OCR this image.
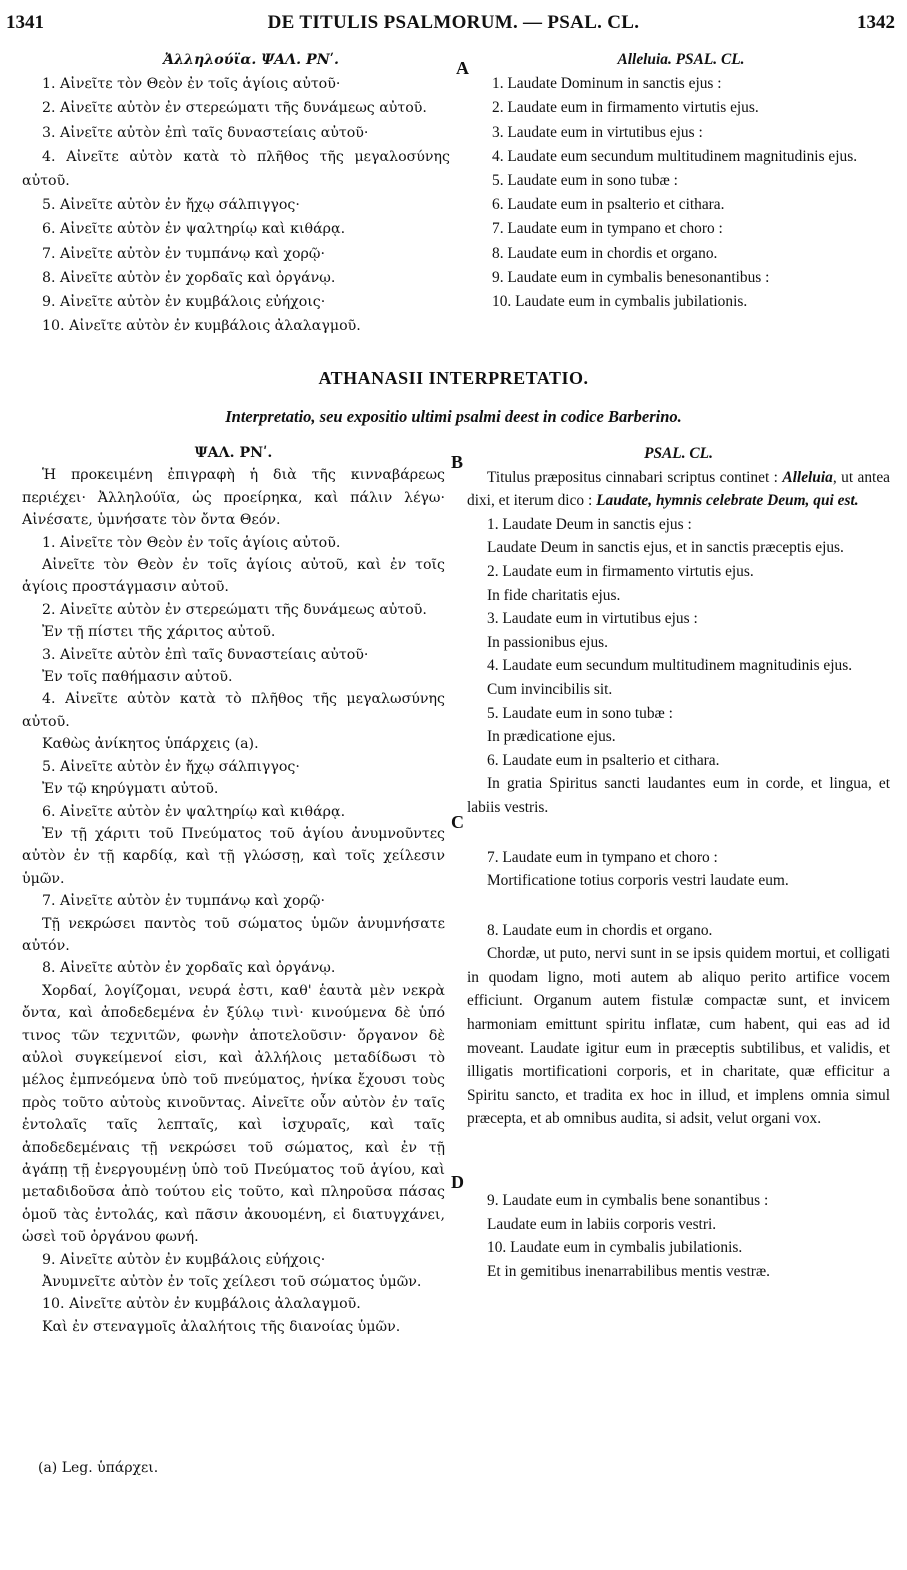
1341	DE TITULIS PSALMORUM. — PSAL. CL.	1342
A
B
C
D

Ἀλληλούϊα. ΨΑΛ. ΡΝʹ.

1. Αἰνεῖτε τὸν Θεὸν ἐν τοῖς ἁγίοις αὐτοῦ·

2. Αἰνεῖτε αὐτὸν ἐν στερεώματι τῆς δυνάμεως αὐτοῦ.

3. Αἰνεῖτε αὐτὸν ἐπὶ ταῖς δυναστείαις αὐτοῦ·

4. Αἰνεῖτε αὐτὸν κατὰ τὸ πλῆθος τῆς μεγαλοσύνης αὐτοῦ.

5. Αἰνεῖτε αὐτὸν ἐν ἤχῳ σάλπιγγος·

6. Αἰνεῖτε αὐτὸν ἐν ψαλτηρίῳ καὶ κιθάρᾳ.

7. Αἰνεῖτε αὐτὸν ἐν τυμπάνῳ καὶ χορῷ·

8. Αἰνεῖτε αὐτὸν ἐν χορδαῖς καὶ ὀργάνῳ.

9. Αἰνεῖτε αὐτὸν ἐν κυμβάλοις εὐήχοις·

10. Αἰνεῖτε αὐτὸν ἐν κυμβάλοις ἀλαλαγμοῦ.

Alleluia. PSAL. CL.

1. Laudate Dominum in sanctis ejus :

2. Laudate eum in firmamento virtutis ejus.

3. Laudate eum in virtutibus ejus :

4. Laudate eum secundum multitudinem magnitudinis ejus.

5. Laudate eum in sono tubæ :

6. Laudate eum in psalterio et cithara.

7. Laudate eum in tympano et choro :

8. Laudate eum in chordis et organo.

9. Laudate eum in cymbalis benesonantibus :

10. Laudate eum in cymbalis jubilationis.

ATHANASII INTERPRETATIO.
Interpretatio, seu expositio ultimi psalmi deest in codice Barberino.

ΨΑΛ. ΡΝʹ.

Ἡ προκειμένη ἐπιγραφὴ ἡ διὰ τῆς κινναβάρεως περιέχει· Ἀλληλούϊα, ὡς προείρηκα, καὶ πάλιν λέγω· Αἰνέσατε, ὑμνήσατε τὸν ὄντα Θεόν.

1. Αἰνεῖτε τὸν Θεὸν ἐν τοῖς ἁγίοις αὐτοῦ.

Αἰνεῖτε τὸν Θεὸν ἐν τοῖς ἁγίοις αὐτοῦ, καὶ ἐν τοῖς ἁγίοις προστάγμασιν αὐτοῦ.

2. Αἰνεῖτε αὐτὸν ἐν στερεώματι τῆς δυνάμεως αὐτοῦ.

Ἐν τῇ πίστει τῆς χάριτος αὐτοῦ.

3. Αἰνεῖτε αὐτὸν ἐπὶ ταῖς δυναστείαις αὐτοῦ·

Ἐν τοῖς παθήμασιν αὐτοῦ.

4. Αἰνεῖτε αὐτὸν κατὰ τὸ πλῆθος τῆς μεγαλωσύνης αὐτοῦ.

Καθὼς ἀνίκητος ὑπάρχεις (a).

5. Αἰνεῖτε αὐτὸν ἐν ἤχῳ σάλπιγγος·

Ἐν τῷ κηρύγματι αὐτοῦ.

6. Αἰνεῖτε αὐτὸν ἐν ψαλτηρίῳ καὶ κιθάρᾳ.

Ἐν τῇ χάριτι τοῦ Πνεύματος τοῦ ἁγίου ἀνυμνοῦντες αὐτὸν ἐν τῇ καρδίᾳ, καὶ τῇ γλώσσῃ, καὶ τοῖς χείλεσιν ὑμῶν.

7. Αἰνεῖτε αὐτὸν ἐν τυμπάνῳ καὶ χορῷ·

Τῇ νεκρώσει παντὸς τοῦ σώματος ὑμῶν ἀνυμνήσατε αὐτόν.

8. Αἰνεῖτε αὐτὸν ἐν χορδαῖς καὶ ὀργάνῳ.

Χορδαί, λογίζομαι, νευρά ἐστι, καθ' ἑαυτὰ μὲν νεκρὰ ὄντα, καὶ ἀποδεδεμένα ἐν ξύλῳ τινὶ· κινούμενα δὲ ὑπό τινος τῶν τεχνιτῶν, φωνὴν ἀποτελοῦσιν· ὄργανον δὲ αὐλοὶ συγκείμενοί εἰσι, καὶ ἀλλήλοις μεταδίδωσι τὸ μέλος ἐμπνεόμενα ὑπὸ τοῦ πνεύματος, ἡνίκα ἔχουσι τοὺς πρὸς τοῦτο αὐτοὺς κινοῦντας. Αἰνεῖτε οὖν αὐτὸν ἐν ταῖς ἐντολαῖς ταῖς λεπταῖς, καὶ ἰσχυραῖς, καὶ ταῖς ἀποδεδεμέναις τῇ νεκρώσει τοῦ σώματος, καὶ ἐν τῇ ἀγάπῃ τῇ ἐνεργουμένῃ ὑπὸ τοῦ Πνεύματος τοῦ ἁγίου, καὶ μεταδιδοῦσα ἀπὸ τούτου εἰς τοῦτο, καὶ πληροῦσα πάσας ὁμοῦ τὰς ἐντολάς, καὶ πᾶσιν ἀκουομένη, εἰ διατυγχάνει, ὡσεὶ τοῦ ὀργάνου φωνή.

9. Αἰνεῖτε αὐτὸν ἐν κυμβάλοις εὐήχοις·

Ἀνυμνεῖτε αὐτὸν ἐν τοῖς χείλεσι τοῦ σώματος ὑμῶν.

10. Αἰνεῖτε αὐτὸν ἐν κυμβάλοις ἀλαλαγμοῦ.

Καὶ ἐν στεναγμοῖς ἀλαλήτοις τῆς διανοίας ὑμῶν.

PSAL. CL.

Titulus præpositus cinnabari scriptus continet : Alleluia, ut antea dixi, et iterum dico : Laudate, hymnis celebrate Deum, qui est.

1. Laudate Deum in sanctis ejus :

Laudate Deum in sanctis ejus, et in sanctis præceptis ejus.

2. Laudate eum in firmamento virtutis ejus.

In fide charitatis ejus.

3. Laudate eum in virtutibus ejus :

In passionibus ejus.

4. Laudate eum secundum multitudinem magnitudinis ejus.

Cum invincibilis sit.

5. Laudate eum in sono tubæ :

In prædicatione ejus.

6. Laudate eum in psalterio et cithara.

In gratia Spiritus sancti laudantes eum in corde, et lingua, et labiis vestris.

7. Laudate eum in tympano et choro :

Mortificatione totius corporis vestri laudate eum.

8. Laudate eum in chordis et organo.

Chordæ, ut puto, nervi sunt in se ipsis quidem mortui, et colligati in quodam ligno, moti autem ab aliquo perito artifice vocem efficiunt. Organum autem fistulæ compactæ sunt, et invicem harmoniam emittunt spiritu inflatæ, cum habent, qui eas ad id moveant. Laudate igitur eum in præceptis subtilibus, et validis, et illigatis mortificationi corporis, et in charitate, quæ efficitur a Spiritu sancto, et tradita ex hoc in illud, et implens omnia simul præcepta, et ab omnibus audita, si adsit, velut organi vox.

9. Laudate eum in cymbalis bene sonantibus :

Laudate eum in labiis corporis vestri.

10. Laudate eum in cymbalis jubilationis.

Et in gemitibus inenarrabilibus mentis vestræ.

(a) Leg. ὑπάρχει.
